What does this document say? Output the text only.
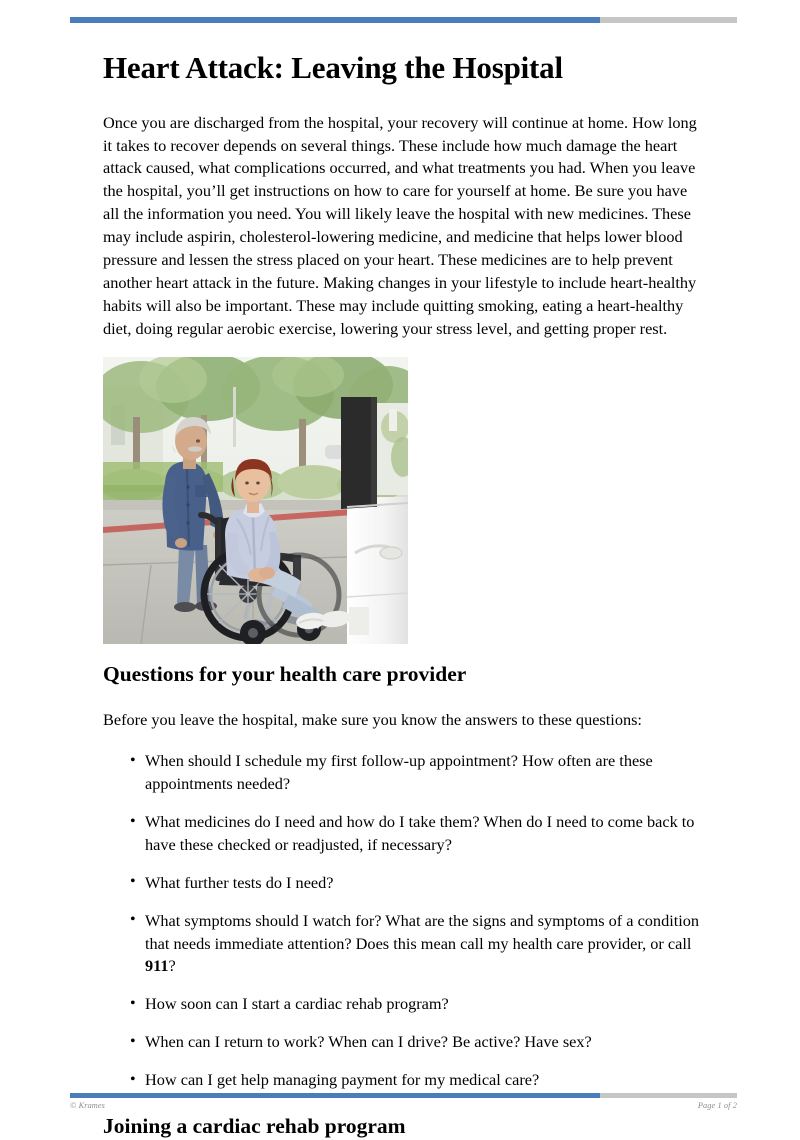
Heart Attack: Leaving the Hospital

Once you are discharged from the hospital, your recovery will continue at home. How long it takes to recover depends on several things. These include how much damage the heart attack caused, what complications occurred, and what treatments you had. When you leave the hospital, you’ll get instructions on how to care for yourself at home. Be sure you have all the information you need. You will likely leave the hospital with new medicines. These may include aspirin, cholesterol-lowering medicine, and medicine that helps lower blood pressure and lessen the stress placed on your heart. These medicines are to help prevent another heart attack in the future. Making changes in your lifestyle to include heart-healthy habits will also be important. These may include quitting smoking, eating a heart-healthy diet, doing regular aerobic exercise, lowering your stress level, and getting proper rest.

Questions for your health care provider

Before you leave the hospital, make sure you know the answers to these questions:

• When should I schedule my first follow-up appointment? How often are these appointments needed?
• What medicines do I need and how do I take them? When do I need to come back to have these checked or readjusted, if necessary?
• What further tests do I need?
• What symptoms should I watch for? What are the signs and symptoms of a condition that needs immediate attention? Does this mean call my health care provider, or call 911?
• How soon can I start a cardiac rehab program?
• When can I return to work? When can I drive? Be active? Have sex?
• How can I get help managing payment for my medical care?
Joining a cardiac rehab program
© Krames	Page 1 of 2
